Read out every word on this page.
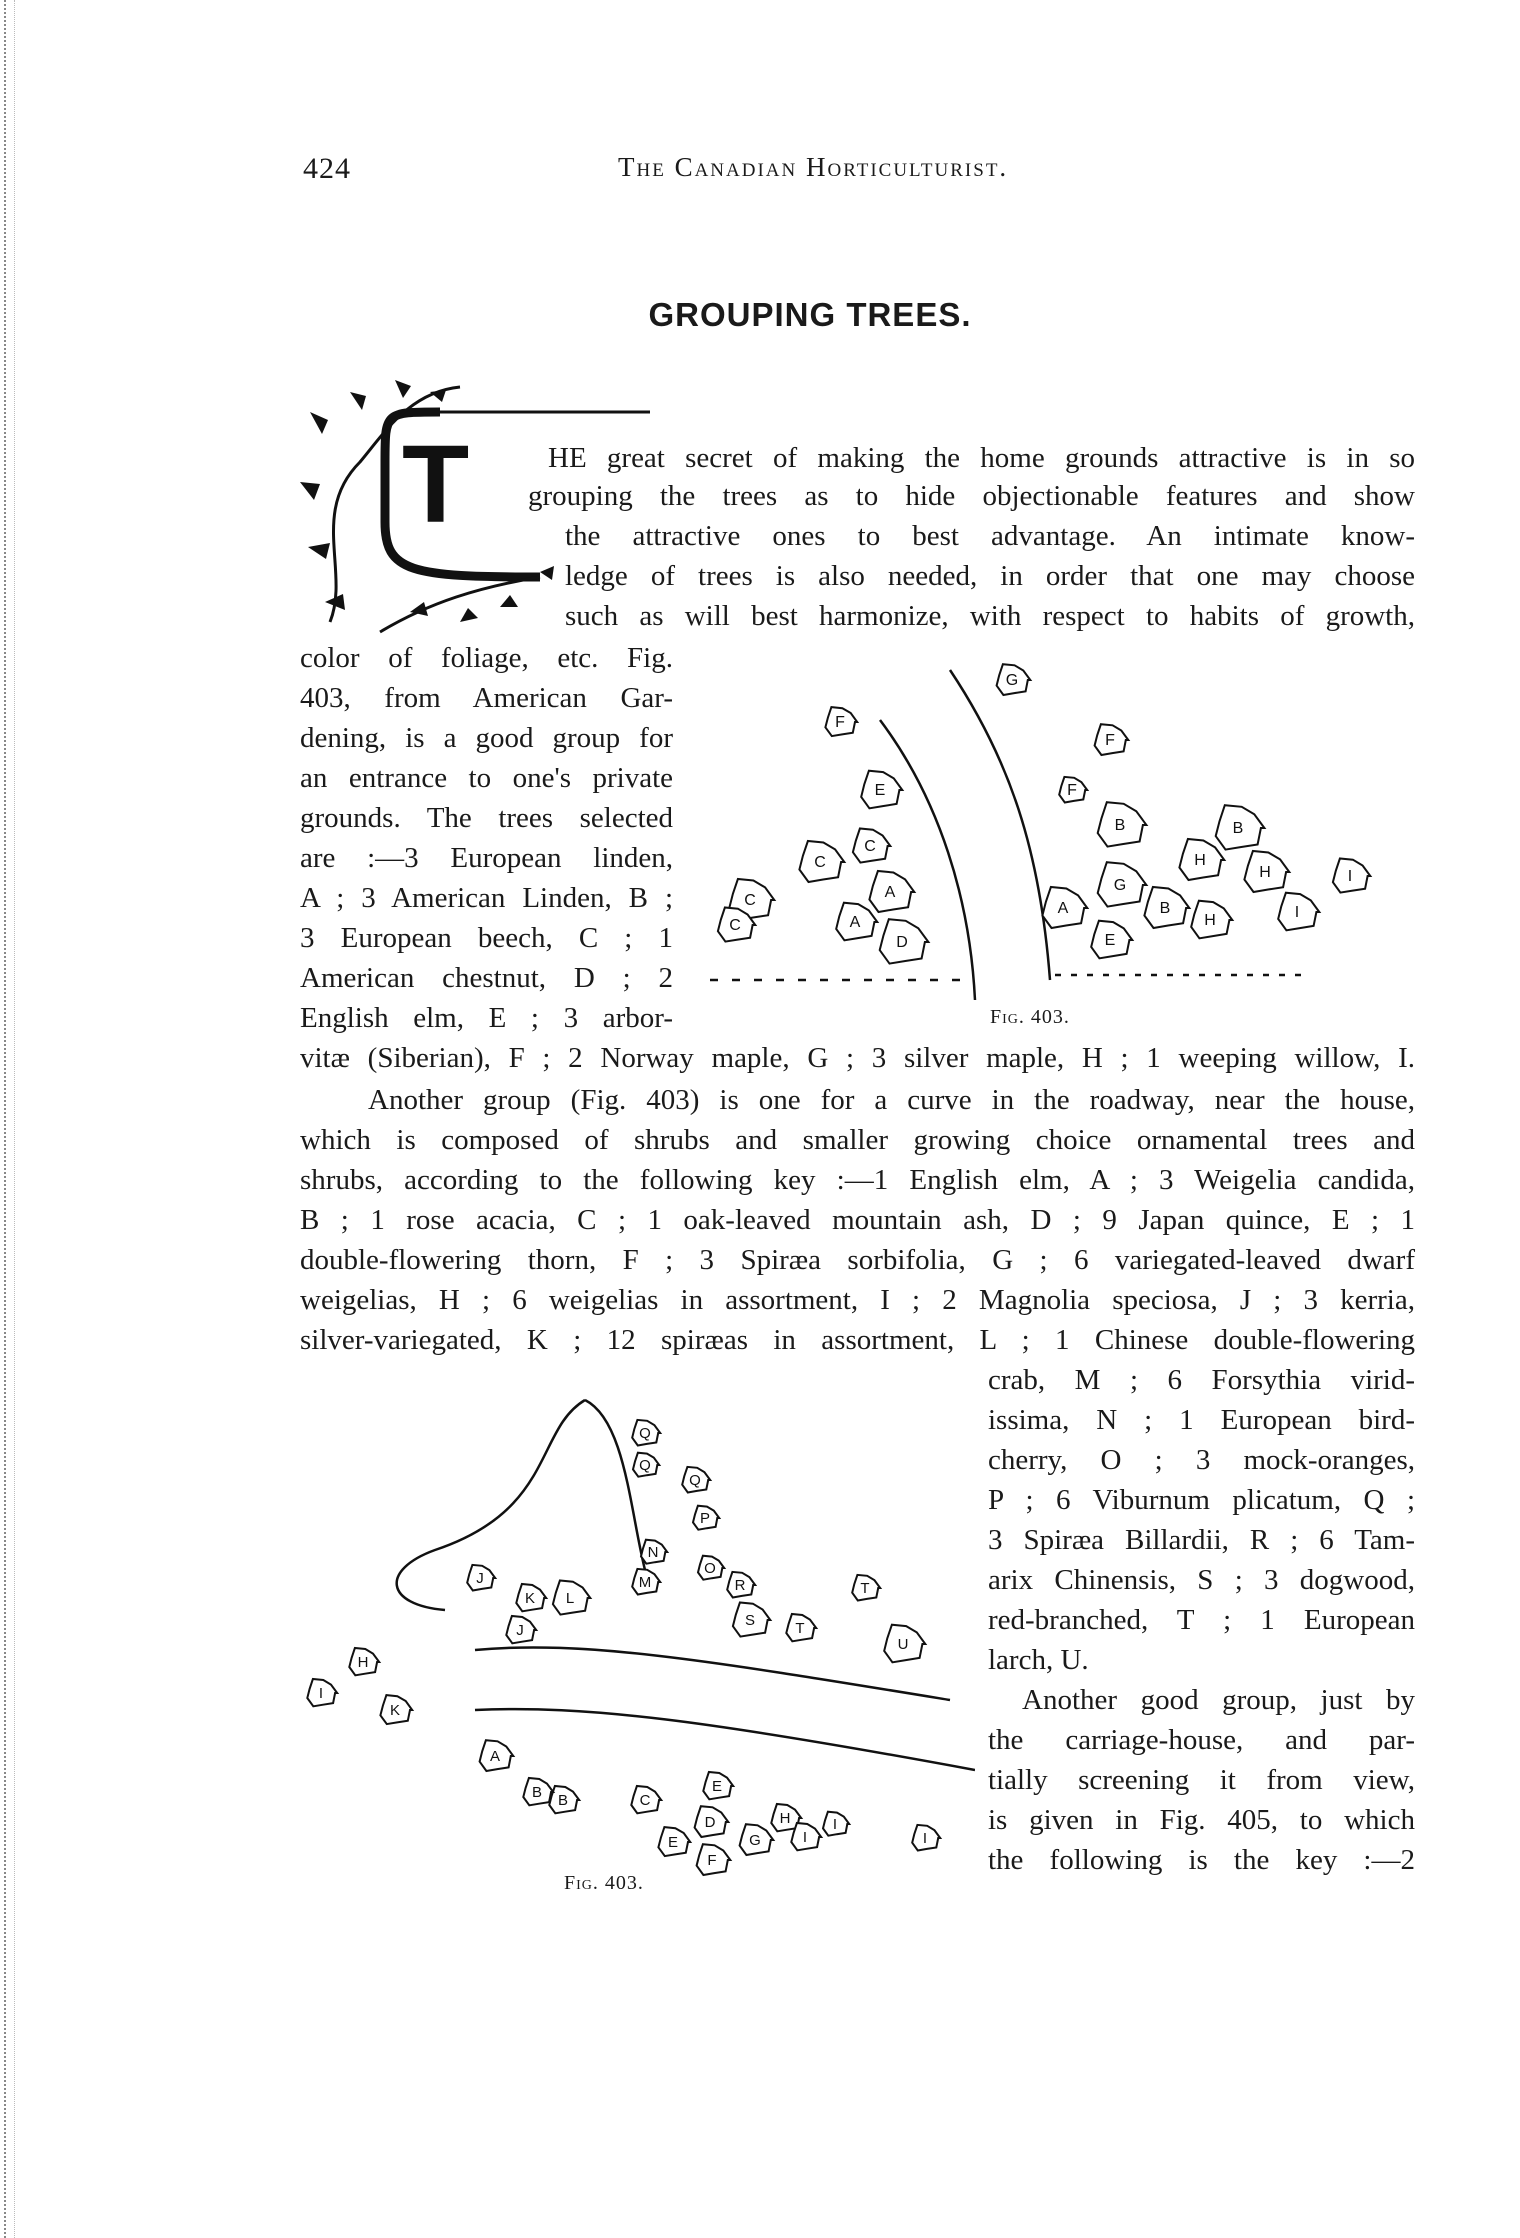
424	The Canadian Horticulturist.
GROUPING TREES.
T	HE great secret of making the home grounds attractive is in so
grouping the trees as to hide objectionable features and show
the attractive ones to best advantage. An intimate know-
ledge of trees is also needed, in order that one may choose
such as will best harmonize, with respect to habits of growth,
color of foliage, etc. Fig.
403, from American Gar-
dening, is a good group for
an entrance to one's private
grounds. The trees selected
are :—3 European linden,
A ; 3 American Linden, B ;
3 European beech, C ; 1
American chestnut, D ; 2
English elm, E ; 3 arbor-
vitæ (Siberian), F ; 2 Norway maple, G ; 3 silver maple, H ; 1 weeping willow, I.
Another group (Fig. 403) is one for a curve in the roadway, near the house,
which is composed of shrubs and smaller growing choice ornamental trees and
shrubs, according to the following key :—1 English elm, A ; 3 Weigelia candida,
B ; 1 rose acacia, C ; 1 oak-leaved mountain ash, D ; 9 Japan quince, E ; 1
double-flowering thorn, F ; 3 Spiræa sorbifolia, G ; 6 variegated-leaved dwarf
weigelias, H ; 6 weigelias in assortment, I ; 2 Magnolia speciosa, J ; 3 kerria,
silver-variegated, K ; 12 spiræas in assortment, L ; 1 Chinese double-flowering
crab, M ; 6 Forsythia virid-
issima, N ; 1 European bird-
cherry, O ; 3 mock-oranges,
P ; 6 Viburnum plicatum, Q ;
3 Spiræa Billardii, R ; 6 Tam-
arix Chinensis, S ; 3 dogwood,
red-branched, T ; 1 European
larch, U.
Another good group, just by
the carriage-house, and par-
tially screening it from view,
is given in Fig. 405, to which
the following is the key :—2
G
F
F
E	F
C
C
C	A
A
D
C
B	B
H
H
G
A	B
H
E
I
I
Fig. 403.
Q
Q
Q
P
N
M
O
R
L
K
S	T
J
J
T
U
H
I
K
A
B
B	C
E
D	H
E
F
G	I
I
I
Fig. 403.
